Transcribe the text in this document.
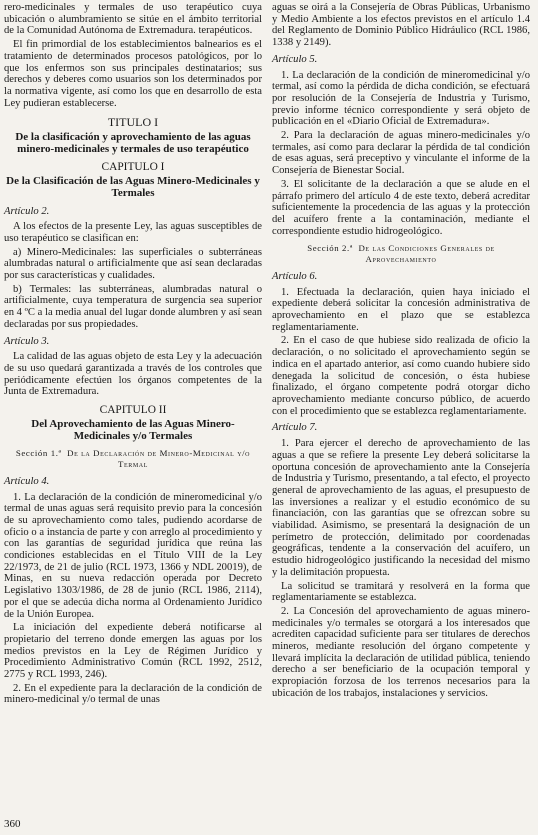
rero-medicinales y termales de uso terapéutico cuya ubicación o alumbramiento se sitúe en el ámbito territorial de la Comunidad Autónoma de Extremadura. terapéuticos.

El fin primordial de los establecimientos balnearios es el tratamiento de determinados procesos patológicos, por lo que los enfermos son sus principales destinatarios; sus derechos y deberes como usuarios son los determinados por la normativa vigente, así como los que en desarrollo de esta Ley pudieran establecerse.

TITULO I
De la clasificación y aprovechamiento de las aguas minero-medicinales y termales de uso terapéutico
CAPITULO I
De la Clasificación de las Aguas Minero-Medicinales y Termales
Artículo 2.

A los efectos de la presente Ley, las aguas susceptibles de uso terapéutico se clasifican en:

a) Minero-Medicinales: las superficiales o subterráneas alumbradas natural o artificialmente que así sean declaradas por sus características y cualidades.

b) Termales: las subterráneas, alumbradas natural o artificialmente, cuya temperatura de surgencia sea superior en 4 ºC a la media anual del lugar donde alumbren y así sean declaradas por sus propiedades.

Artículo 3.

La calidad de las aguas objeto de esta Ley y la adecuación de su uso quedará garantizada a través de los controles que periódicamente efectúen los órganos competentes de la Junta de Extremadura.

CAPITULO II
Del Aprovechamiento de las Aguas Minero-Medicinales y/o Termales
Sección 1.ª De la Declaración de Minero-Medicinal y/o Termal
Artículo 4.

1. La declaración de la condición de mineromedicinal y/o termal de unas aguas será requisito previo para la concesión de su aprovechamiento como tales, pudiendo acordarse de oficio o a instancia de parte y con arreglo al procedimiento y con las garantías de seguridad jurídica que reúna las condiciones establecidas en el Título VIII de la Ley 22/1973, de 21 de julio (RCL 1973, 1366 y NDL 20019), de Minas, en su nueva redacción operada por Decreto Legislativo 1303/1986, de 28 de junio (RCL 1986, 2114), por el que se adecúa dicha norma al Ordenamiento Jurídico de la Unión Europea.

La iniciación del expediente deberá notificarse al propietario del terreno donde emergen las aguas por los medios previstos en la Ley de Régimen Jurídico y Procedimiento Administrativo Común (RCL 1992, 2512, 2775 y RCL 1993, 246).

2. En el expediente para la declaración de la condición de minero-medicinal y/o termal de unas

aguas se oirá a la Consejería de Obras Públicas, Urbanismo y Medio Ambiente a los efectos previstos en el artículo 1.4 del Reglamento de Dominio Público Hidráulico (RCL 1986, 1338 y 2149).

Artículo 5.

1. La declaración de la condición de mineromedicinal y/o termal, así como la pérdida de dicha condición, se efectuará por resolución de la Consejería de Industria y Turismo, previo informe técnico correspondiente y será objeto de publicación en el «Diario Oficial de Extremadura».

2. Para la declaración de aguas minero-medicinales y/o termales, así como para declarar la pérdida de tal condición de esas aguas, será preceptivo y vinculante el informe de la Consejería de Bienestar Social.

3. El solicitante de la declaración a que se alude en el párrafo primero del artículo 4 de este texto, deberá acreditar suficientemente la procedencia de las aguas y la protección del acuífero frente a la contaminación, mediante el correspondiente estudio hidrogeológico.

Sección 2.ª De las Condiciones Generales de Aprovechamiento
Artículo 6.

1. Efectuada la declaración, quien haya iniciado el expediente deberá solicitar la concesión administrativa de aprovechamiento en el plazo que se establezca reglamentariamente.

2. En el caso de que hubiese sido realizada de oficio la declaración, o no solicitado el aprovechamiento según se indica en el apartado anterior, así como cuando hubiere sido denegada la solicitud de concesión, o ésta hubiese finalizado, el órgano competente podrá otorgar dicho aprovechamiento mediante concurso público, de acuerdo con el procedimiento que se establezca reglamentariamente.

Artículo 7.

1. Para ejercer el derecho de aprovechamiento de las aguas a que se refiere la presente Ley deberá solicitarse la oportuna concesión de aprovechamiento ante la Consejería de Industria y Turismo, presentando, a tal efecto, el proyecto general de aprovechamiento de las aguas, el presupuesto de las inversiones a realizar y el estudio económico de su financiación, con las garantías que se ofrezcan sobre su viabilidad. Asimismo, se presentará la designación de un perímetro de protección, delimitado por coordenadas geográficas, tendente a la conservación del acuífero, un estudio hidrogeológico justificando la necesidad del mismo y la delimitación propuesta.

La solicitud se tramitará y resolverá en la forma que reglamentariamente se establezca.

2. La Concesión del aprovechamiento de aguas minero-medicinales y/o termales se otorgará a los interesados que acrediten capacidad suficiente para ser titulares de derechos mineros, mediante resolución del órgano competente y llevará implícita la declaración de utilidad pública, teniendo derecho a ser beneficiario de la ocupación temporal y expropiación forzosa de los terrenos necesarios para la ubicación de los trabajos, instalaciones y servicios.

360
